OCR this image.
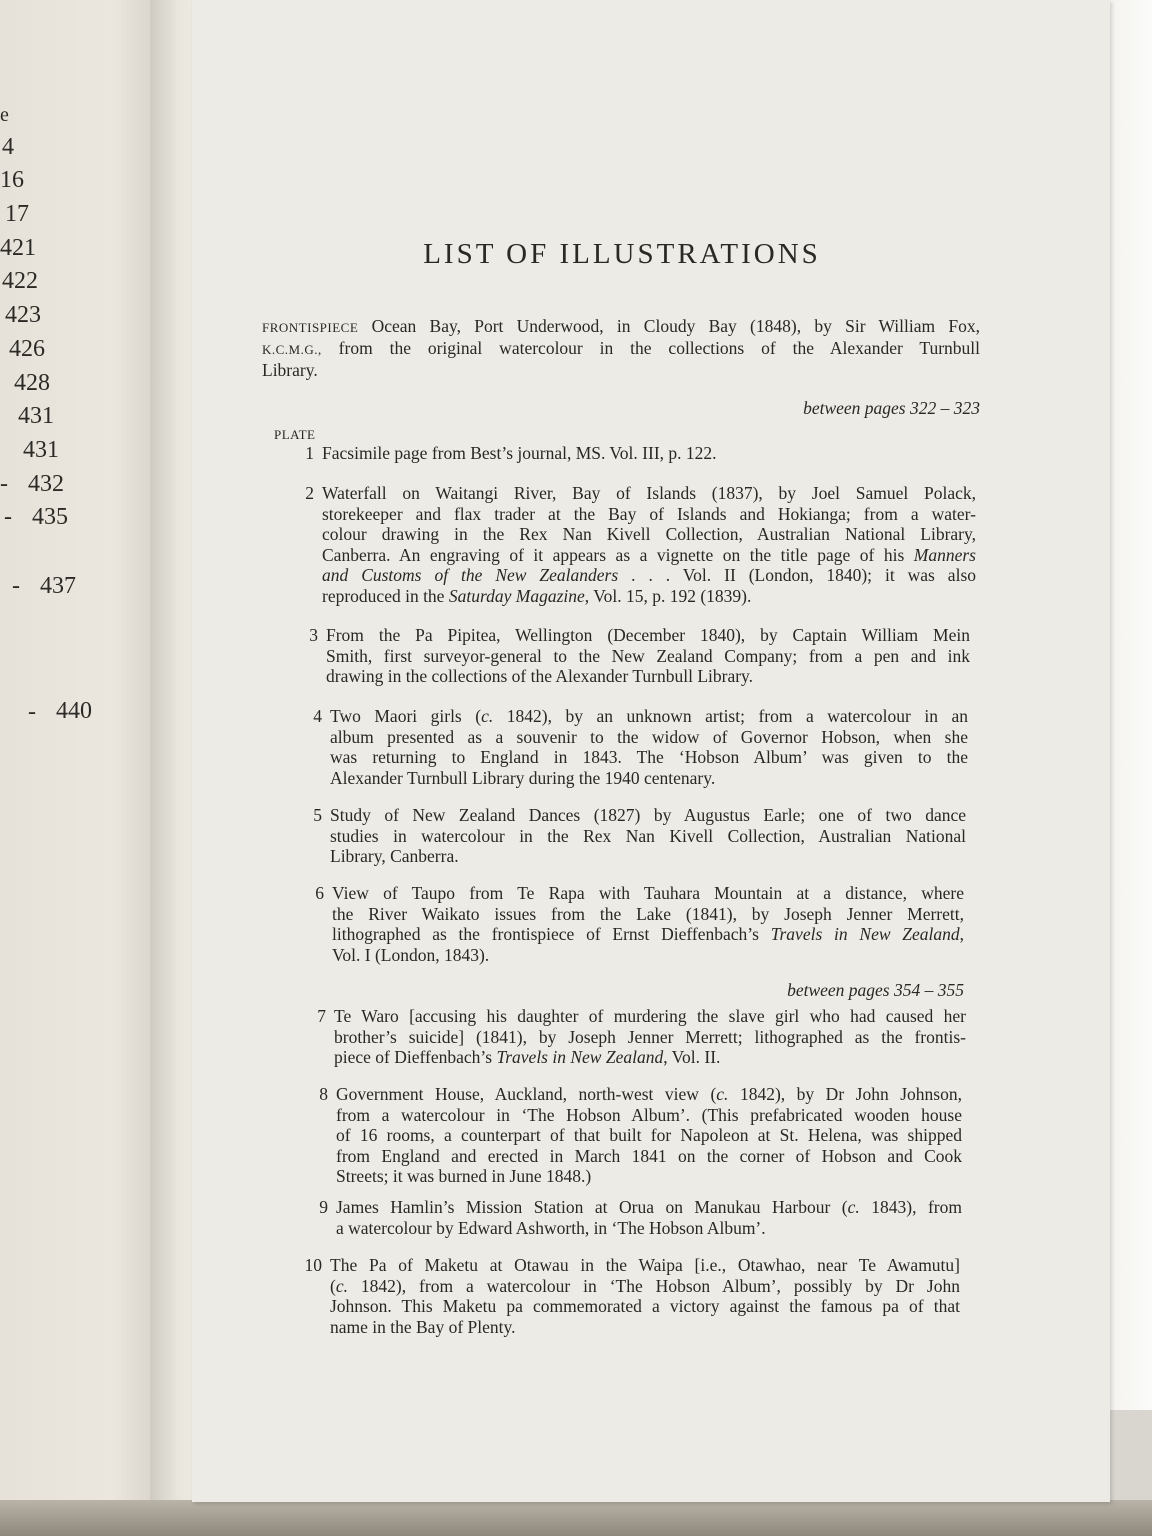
e
4
16
17
421
422
423
426
428
431
431
- 432
- 435
- 437
- 440
LIST OF ILLUSTRATIONS
FRONTISPIECE Ocean Bay, Port Underwood, in Cloudy Bay (1848), by Sir William Fox,
K.C.M.G., from the original watercolour in the collections of the Alexander Turnbull
Library.
between pages 322 – 323
PLATE
1 Facsimile page from Best’s journal, MS. Vol. III, p. 122.
2 Waterfall on Waitangi River, Bay of Islands (1837), by Joel Samuel Polack,
storekeeper and flax trader at the Bay of Islands and Hokianga; from a water-
colour drawing in the Rex Nan Kivell Collection, Australian National Library,
Canberra. An engraving of it appears as a vignette on the title page of his Manners
and Customs of the New Zealanders . . . Vol. II (London, 1840); it was also
reproduced in the Saturday Magazine, Vol. 15, p. 192 (1839).
3 From the Pa Pipitea, Wellington (December 1840), by Captain William Mein
Smith, first surveyor-general to the New Zealand Company; from a pen and ink
drawing in the collections of the Alexander Turnbull Library.
4 Two Maori girls (c. 1842), by an unknown artist; from a watercolour in an
album presented as a souvenir to the widow of Governor Hobson, when she
was returning to England in 1843. The ‘Hobson Album’ was given to the
Alexander Turnbull Library during the 1940 centenary.
5 Study of New Zealand Dances (1827) by Augustus Earle; one of two dance
studies in watercolour in the Rex Nan Kivell Collection, Australian National
Library, Canberra.
6 View of Taupo from Te Rapa with Tauhara Mountain at a distance, where
the River Waikato issues from the Lake (1841), by Joseph Jenner Merrett,
lithographed as the frontispiece of Ernst Dieffenbach’s Travels in New Zealand,
Vol. I (London, 1843).
7 Te Waro [accusing his daughter of murdering the slave girl who had caused her
brother’s suicide] (1841), by Joseph Jenner Merrett; lithographed as the frontis-
piece of Dieffenbach’s Travels in New Zealand, Vol. II.
8 Government House, Auckland, north-west view (c. 1842), by Dr John Johnson,
from a watercolour in ‘The Hobson Album’. (This prefabricated wooden house
of 16 rooms, a counterpart of that built for Napoleon at St. Helena, was shipped
from England and erected in March 1841 on the corner of Hobson and Cook
Streets; it was burned in June 1848.)
9 James Hamlin’s Mission Station at Orua on Manukau Harbour (c. 1843), from
a watercolour by Edward Ashworth, in ‘The Hobson Album’.
10 The Pa of Maketu at Otawau in the Waipa [i.e., Otawhao, near Te Awamutu]
(c. 1842), from a watercolour in ‘The Hobson Album’, possibly by Dr John
Johnson. This Maketu pa commemorated a victory against the famous pa of that
name in the Bay of Plenty.
between pages 354 – 355
